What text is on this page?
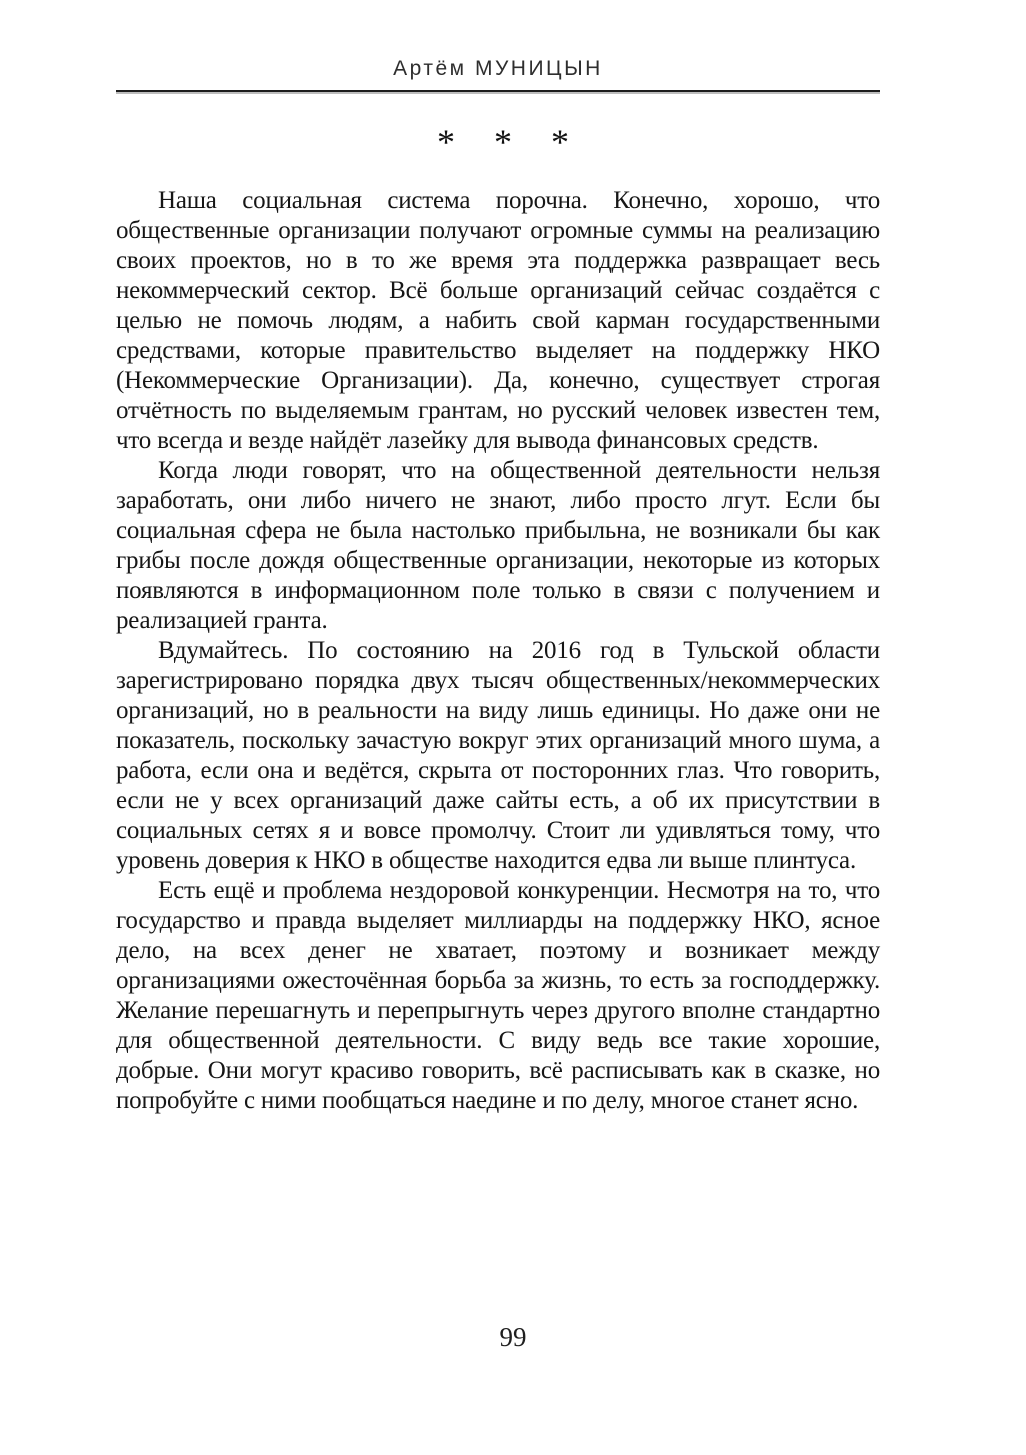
Артём МУНИЦЫН
* * *

Наша социальная система порочна. Конечно, хорошо, что общественные организации получают огромные суммы на реализацию своих проектов, но в то же время эта поддержка развращает весь некоммерческий сектор. Всё больше организаций сейчас создаётся с целью не помочь людям, а набить свой карман государственными средствами, которые правительство выделяет на поддержку НКО (Некоммерческие Организации). Да, конечно, существует строгая отчётность по выделяемым грантам, но русский человек известен тем, что всегда и везде найдёт лазейку для вывода финансовых средств.

Когда люди говорят, что на общественной деятельности нельзя заработать, они либо ничего не знают, либо просто лгут. Если бы социальная сфера не была настолько прибыльна, не возникали бы как грибы после дождя общественные организации, некоторые из которых появляются в информационном поле только в связи с получением и реализацией гранта.

Вдумайтесь. По состоянию на 2016 год в Тульской области зарегистрировано порядка двух тысяч общественных/некоммерческих организаций, но в реальности на виду лишь единицы. Но даже они не показатель, поскольку зачастую вокруг этих организаций много шума, а работа, если она и ведётся, скрыта от посторонних глаз. Что говорить, если не у всех организаций даже сайты есть, а об их присутствии в социальных сетях я и вовсе промолчу. Стоит ли удивляться тому, что уровень доверия к НКО в обществе находится едва ли выше плинтуса.

Есть ещё и проблема нездоровой конкуренции. Несмотря на то, что государство и правда выделяет миллиарды на поддержку НКО, ясное дело, на всех денег не хватает, поэтому и возникает между организациями ожесточённая борьба за жизнь, то есть за господдержку. Желание перешагнуть и перепрыгнуть через другого вполне стандартно для общественной деятельности. С виду ведь все такие хорошие, добрые. Они могут красиво говорить, всё расписывать как в сказке, но попробуйте с ними пообщаться наедине и по делу, многое станет ясно.

99
